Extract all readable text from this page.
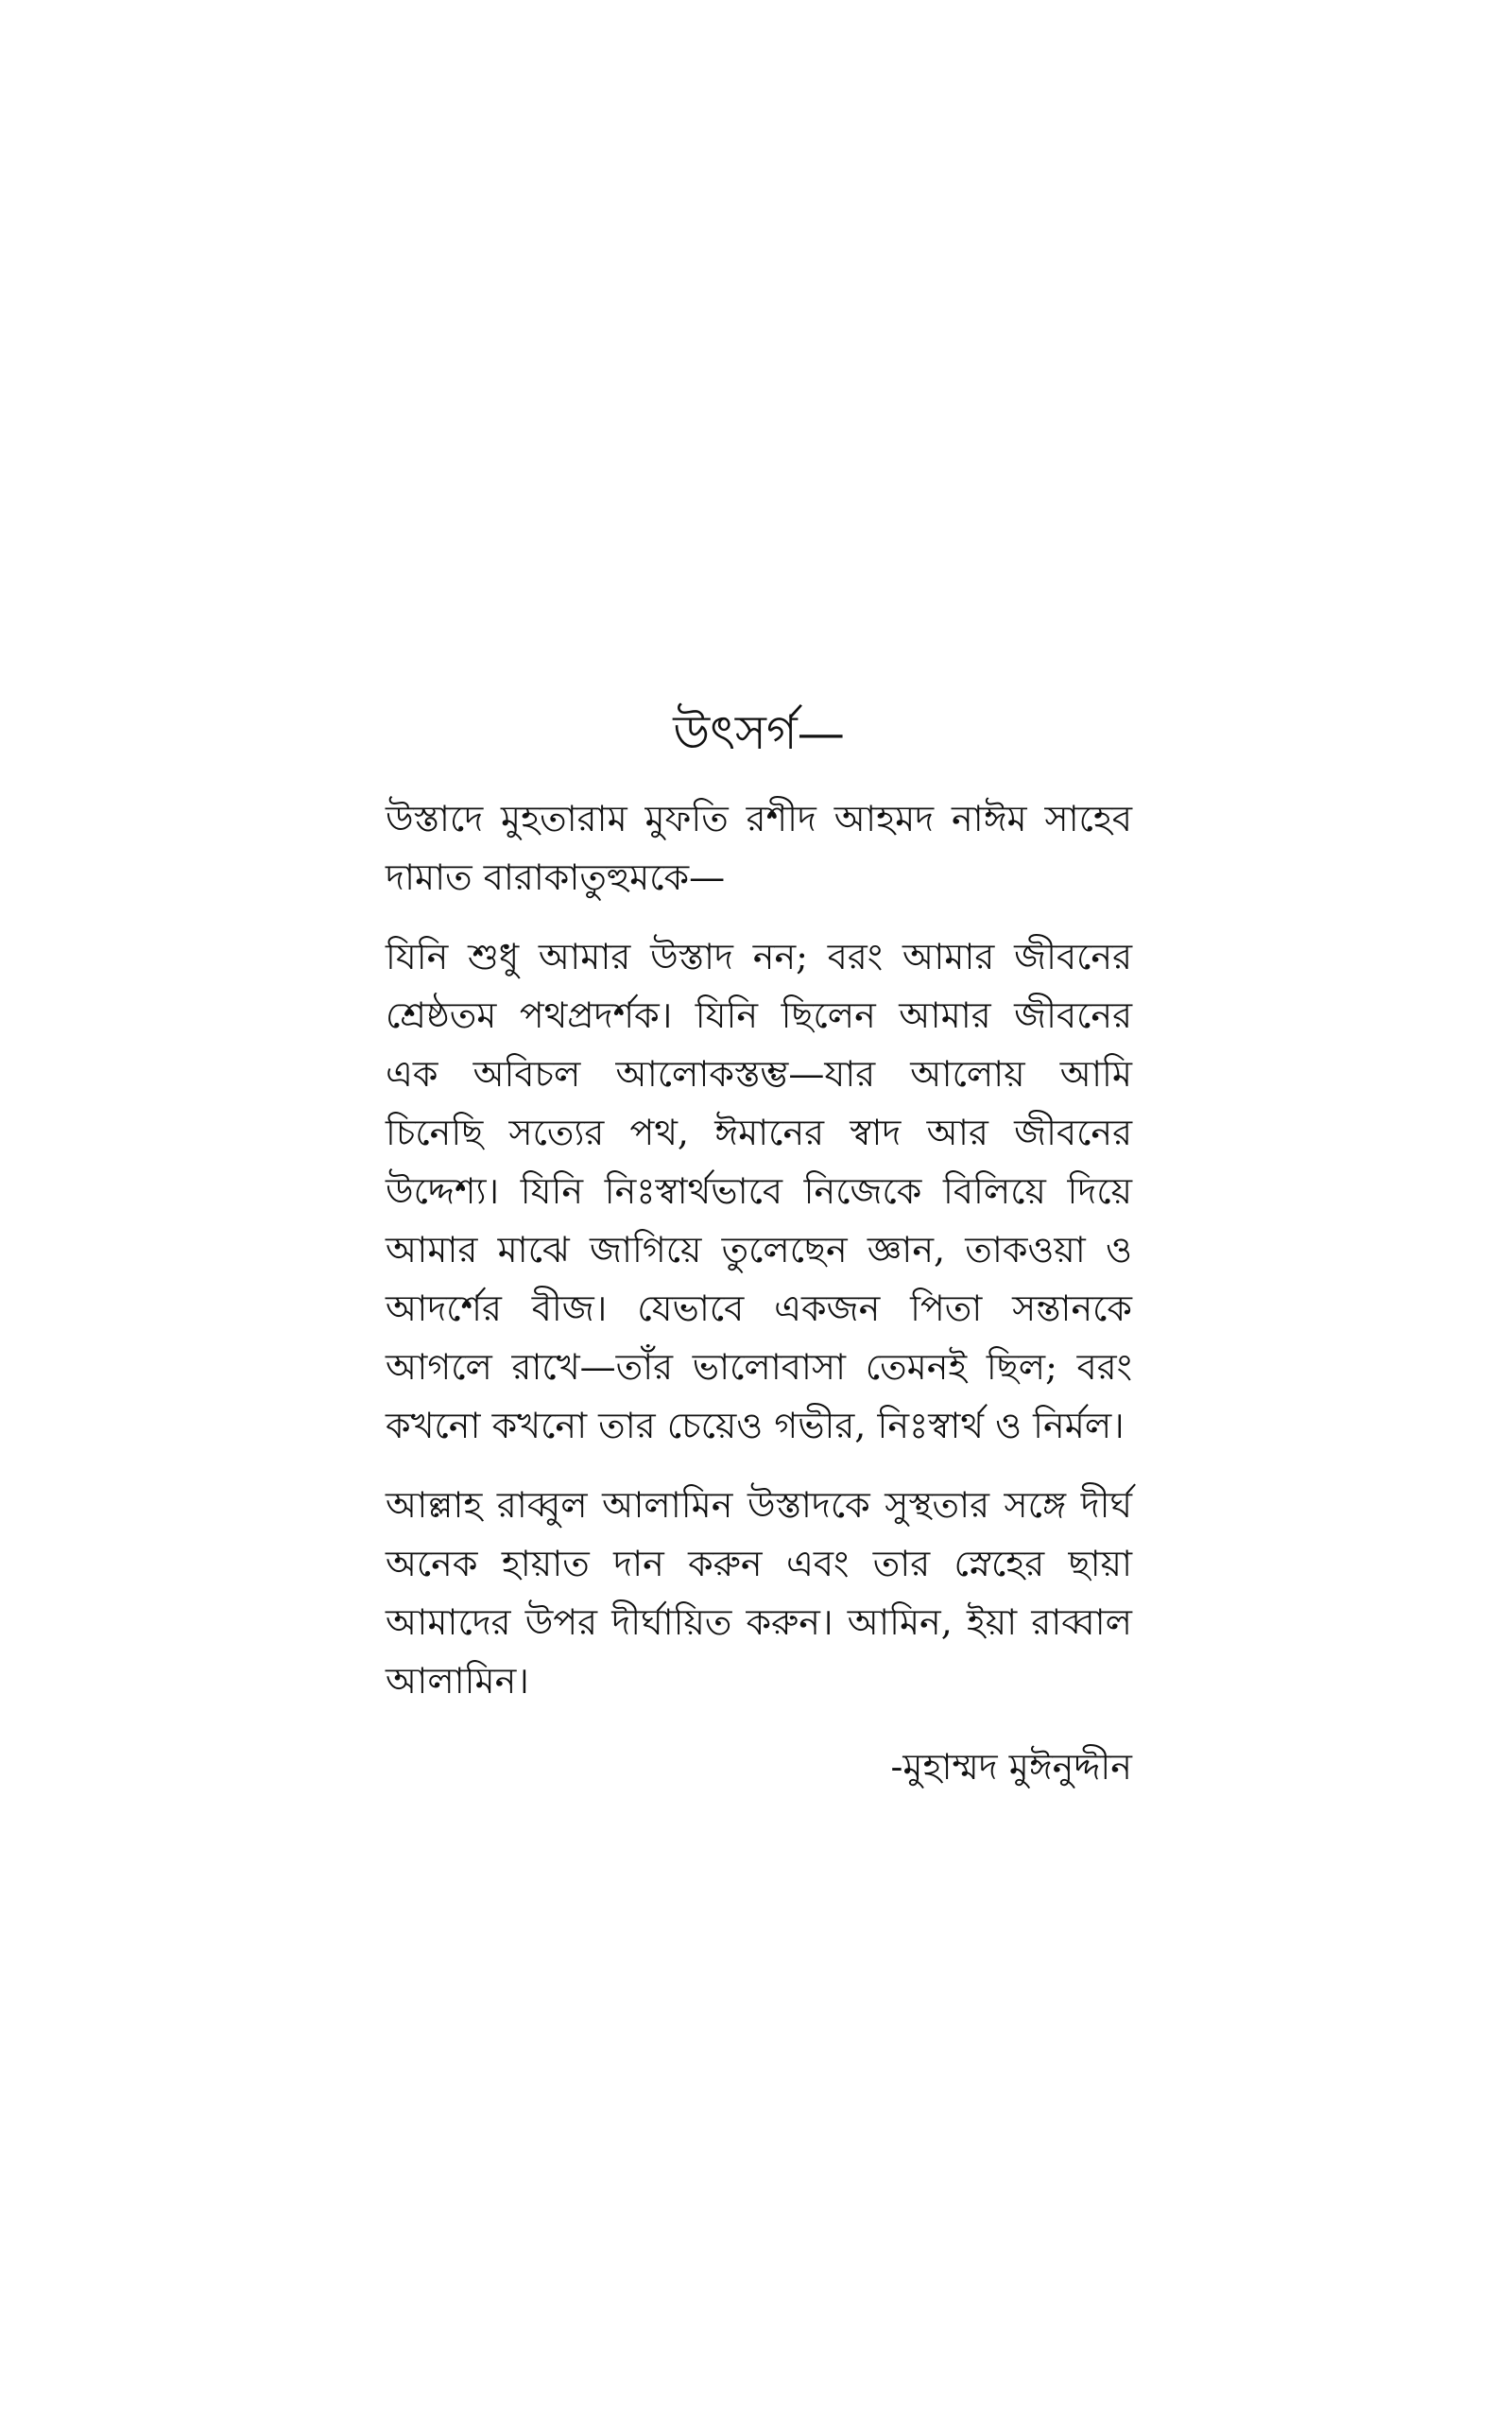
উৎসর্গ—

উস্তাদে মুহতারাম মুফতি রশীদ আহমদ নাঈম সাহেব দামাত বারাকাতুহুমকে—

যিনি শুধু আমার উস্তাদ নন; বরং আমার জীবনের শ্রেষ্ঠতম পথপ্রদর্শক। যিনি ছিলেন আমার জীবনের এক অবিচল আলোকস্তম্ভ—যার আলোয় আমি চিনেছি সত্যের পথ, ঈমানের স্বাদ আর জীবনের উদ্দেশ্য। যিনি নিঃস্বার্থভাবে নিজেকে বিলিয়ে দিয়ে আমার মাঝে জাগিয়ে তুলেছেন জ্ঞান, তাকওয়া ও আদর্শের বীজ। যেভাবে একজন পিতা সন্তানকে আগলে রাখে—তাঁর ভালোবাসা তেমনই ছিল; বরং কখনো কখনো তার চেয়েও গভীর, নিঃস্বার্থ ও নির্মল।

আল্লাহ রাব্বুল আলামিন উস্তাদকে সুস্থতার সঙ্গে দীর্ঘ অনেক হায়াত দান করুন এবং তার স্নেহের ছায়া আমাদের উপর দীর্ঘায়িত করুন। আমিন, ইয়া রাব্বাল আলামিন।

-মুহাম্মদ মুঈনুদ্দীন
